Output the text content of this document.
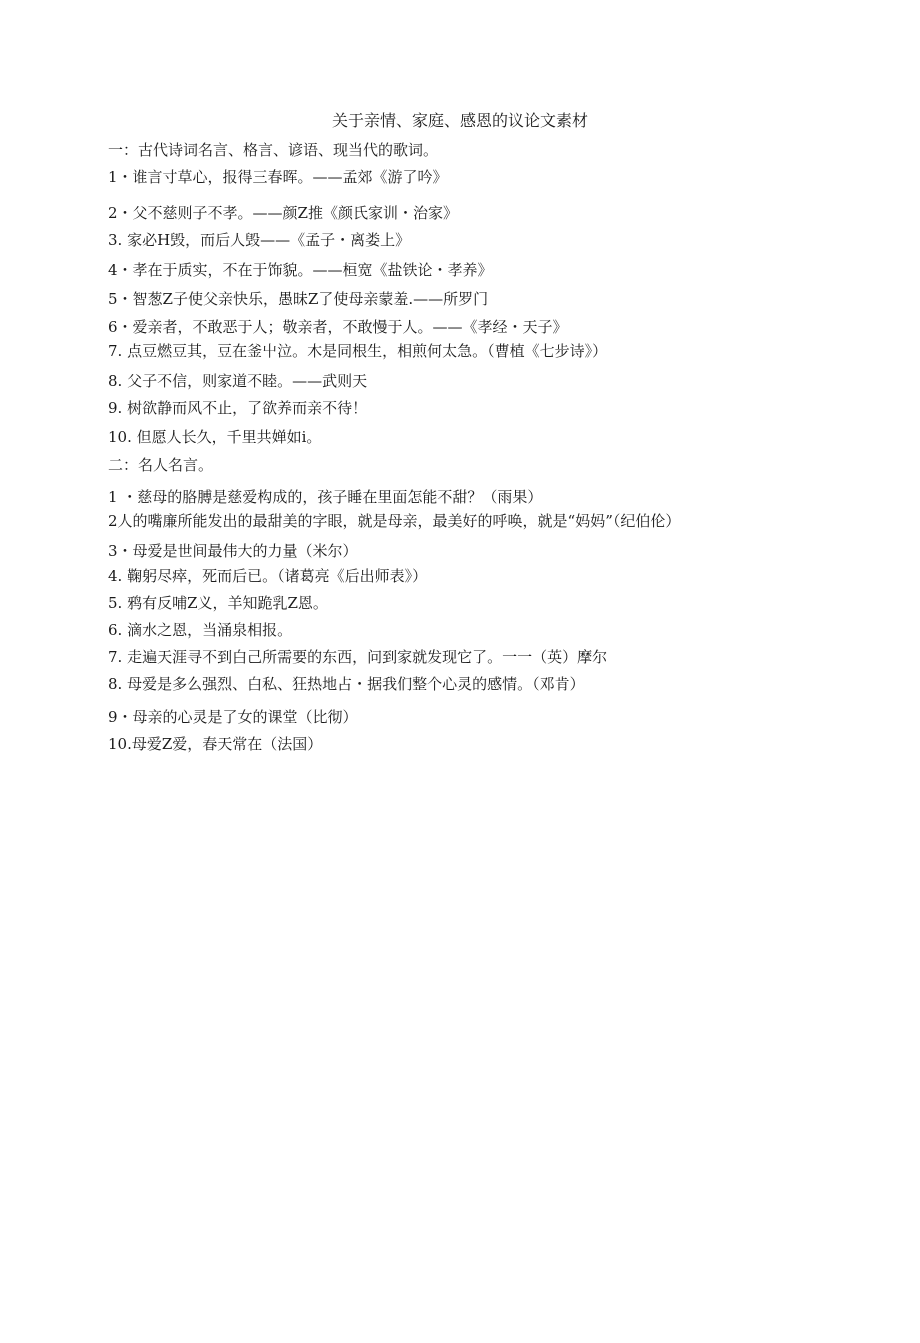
关于亲情、家庭、感恩的议论文素材
一：古代诗词名言、格言、谚语、现当代的歌词。
1・谁言寸草心，报得三春晖。——孟郊《游了吟》
2・父不慈则子不孝。——颜Z推《颜氏家训・治家》
3. 家必H毁，而后人毁——《孟子・离娄上》
4・孝在于质实，不在于饰貌。——桓宽《盐铁论・孝养》
5・智葱Z子使父亲快乐，愚昧Z了使母亲蒙羞.——所罗门
6・爱亲者，不敢恶于人；敬亲者，不敢慢于人。——《孝经・天子》
7. 点豆燃豆其，豆在釜屮泣。木是同根生，相煎何太急。（曹植《七步诗》）
8. 父子不信，则家道不睦。——武则天
9. 树欲静而风不止，了欲养而亲不待！
10. 但愿人长久，千里共婵如i。
二：名人名言。
1 ・慈母的胳膊是慈爱构成的，孩子睡在里面怎能不甜？（雨果）
2人的嘴廉所能发出的最甜美的字眼，就是母亲，最美好的呼唤，就是“妈妈”（纪伯伦）
3・母爱是世间最伟大的力量（米尔）
4. 鞠躬尽瘁，死而后已。（诸葛亮《后出师表》）
5. 鸦有反哺Z义，羊知跪乳Z恩。
6. 滴水之恩，当涌泉相报。
7. 走遍天涯寻不到白己所需要的东西，问到家就发现它了。一一（英）摩尔
8. 母爱是多么强烈、白私、狂热地占・据我们整个心灵的感情。（邓肯）
9・母亲的心灵是了女的课堂（比彻）
10.母爱Z爱，春天常在（法国）
